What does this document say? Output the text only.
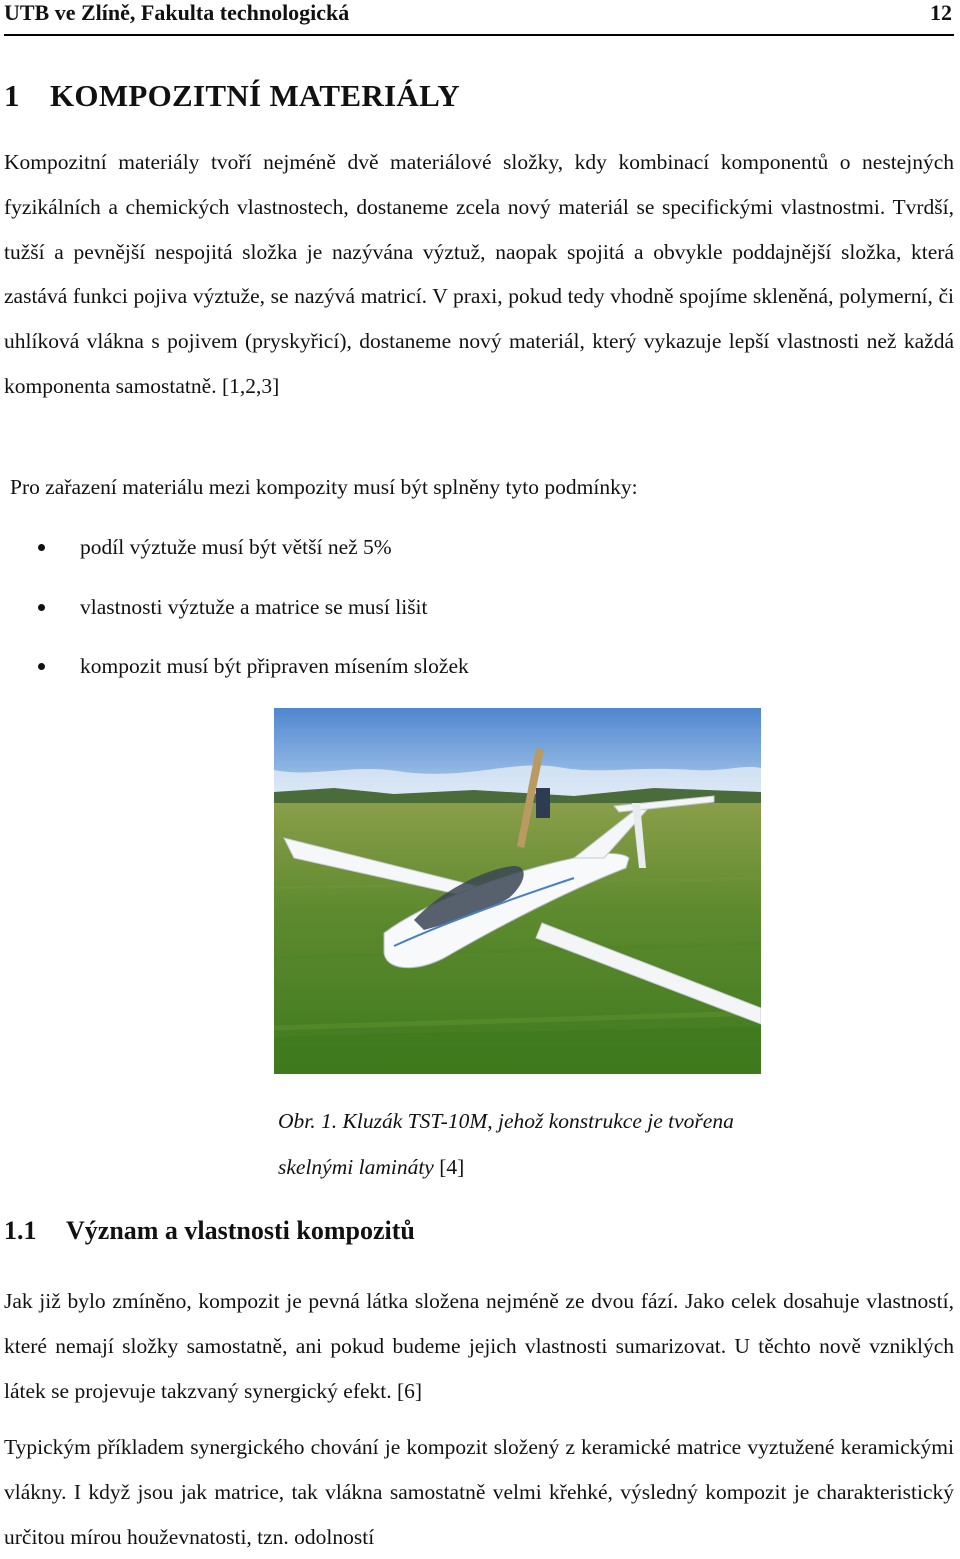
UTB ve Zlíně, Fakulta technologická	12
1 KOMPOZITNÍ MATERIÁLY
Kompozitní materiály tvoří nejméně dvě materiálové složky, kdy kombinací komponentů o nestejných fyzikálních a chemických vlastnostech, dostaneme zcela nový materiál se specifickými vlastnostmi. Tvrdší, tužší a pevnější nespojitá složka je nazývána výztuž, naopak spojitá a obvykle poddajnější složka, která zastává funkci pojiva výztuže, se nazývá matricí. V praxi, pokud tedy vhodně spojíme skleněná, polymerní, či uhlíková vlákna s pojivem (pryskyřicí), dostaneme nový materiál, který vykazuje lepší vlastnosti než každá komponenta samostatně. [1,2,3]
Pro zařazení materiálu mezi kompozity musí být splněny tyto podmínky:
podíl výztuže musí být větší než 5%
vlastnosti výztuže a matrice se musí lišit
kompozit musí být připraven mísením složek
Obr. 1. Kluzák TST-10M, jehož konstrukce je tvořena skelnými lamináty [4]
1.1 Význam a vlastnosti kompozitů
Jak již bylo zmíněno, kompozit je pevná látka složena nejméně ze dvou fází. Jako celek dosahuje vlastností, které nemají složky samostatně, ani pokud budeme jejich vlastnosti sumarizovat. U těchto nově vzniklých látek se projevuje takzvaný synergický efekt. [6]
Typickým příkladem synergického chování je kompozit složený z keramické matrice vyztužené keramickými vlákny. I když jsou jak matrice, tak vlákna samostatně velmi křehké, výsledný kompozit je charakteristický určitou mírou houževnatosti, tzn. odolností
